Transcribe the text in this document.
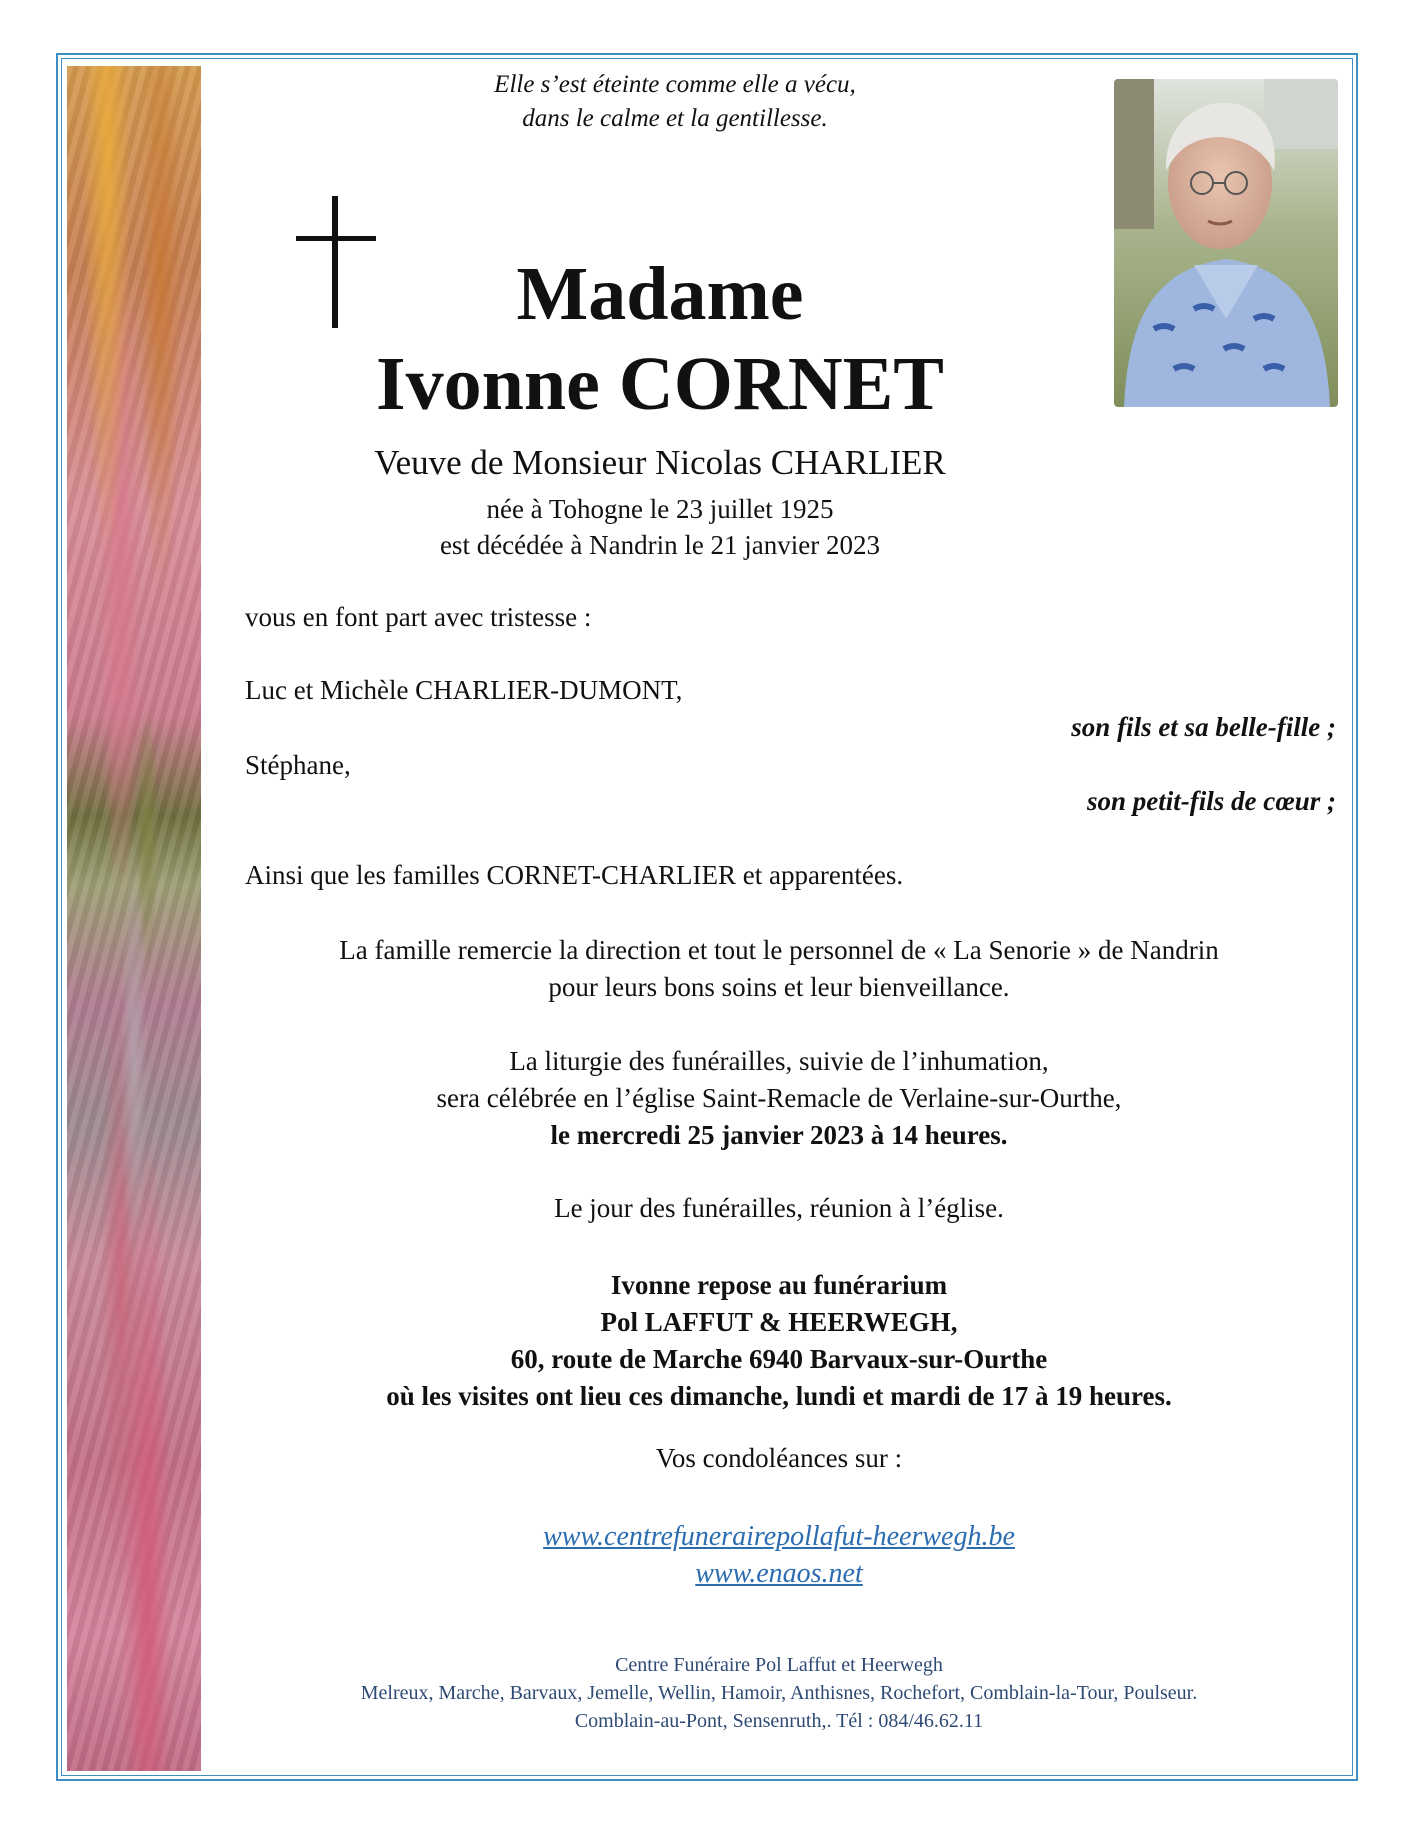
Elle s’est éteinte comme elle a vécu,
dans le calme et la gentillesse.
Madame
Ivonne CORNET
Veuve de Monsieur Nicolas CHARLIER
née à Tohogne le 23 juillet 1925
est décédée à Nandrin le 21 janvier 2023
vous en font part avec tristesse :
Luc et Michèle CHARLIER-DUMONT,
son fils et sa belle-fille ;
Stéphane,
son petit-fils de cœur ;
Ainsi que les familles CORNET-CHARLIER et apparentées.
La famille remercie la direction et tout le personnel de « La Senorie » de Nandrin
pour leurs bons soins et leur bienveillance.
La liturgie des funérailles, suivie de l’inhumation,
sera célébrée en l’église Saint-Remacle de Verlaine-sur-Ourthe,
le mercredi 25 janvier 2023 à 14 heures.
Le jour des funérailles, réunion à l’église.
Ivonne repose au funérarium
Pol LAFFUT & HEERWEGH,
60, route de Marche 6940 Barvaux-sur-Ourthe
où les visites ont lieu ces dimanche, lundi et mardi de 17 à 19 heures.
Vos condoléances sur :
www.centrefunerairepollafut-heerwegh.be
www.enaos.net
Centre Funéraire Pol Laffut et Heerwegh
Melreux, Marche, Barvaux, Jemelle, Wellin, Hamoir, Anthisnes, Rochefort, Comblain-la-Tour, Poulseur.
Comblain-au-Pont, Sensenruth,. Tél : 084/46.62.11
